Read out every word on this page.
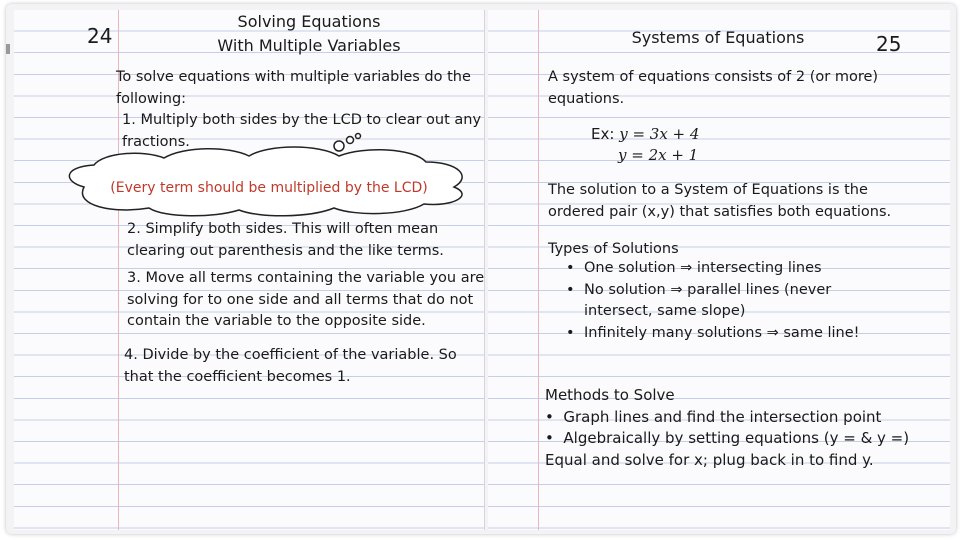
24
Solving Equations
With Multiple Variables
To solve equations with multiple variables do the
following:
1. Multiply both sides by the LCD to clear out any
fractions.
(Every term should be multiplied by the LCD)
2. Simplify both sides. This will often mean
clearing out parenthesis and the like terms.
3. Move all terms containing the variable you are
solving for to one side and all terms that do not
contain the variable to the opposite side.
4. Divide by the coefficient of the variable. So
that the coefficient becomes 1.
Systems of Equations	25
A system of equations consists of 2 (or more)
equations.
Ex: y = 3x + 4
y = 2x + 1
The solution to a System of Equations is the
ordered pair (x,y) that satisfies both equations.
Types of Solutions
• One solution ⇒ intersecting lines
• No solution ⇒ parallel lines (never
intersect, same slope)
• Infinitely many solutions ⇒ same line!
Methods to Solve
•  Graph lines and find the intersection point
•  Algebraically by setting equations (y = & y =)
Equal and solve for x; plug back in to find y.
